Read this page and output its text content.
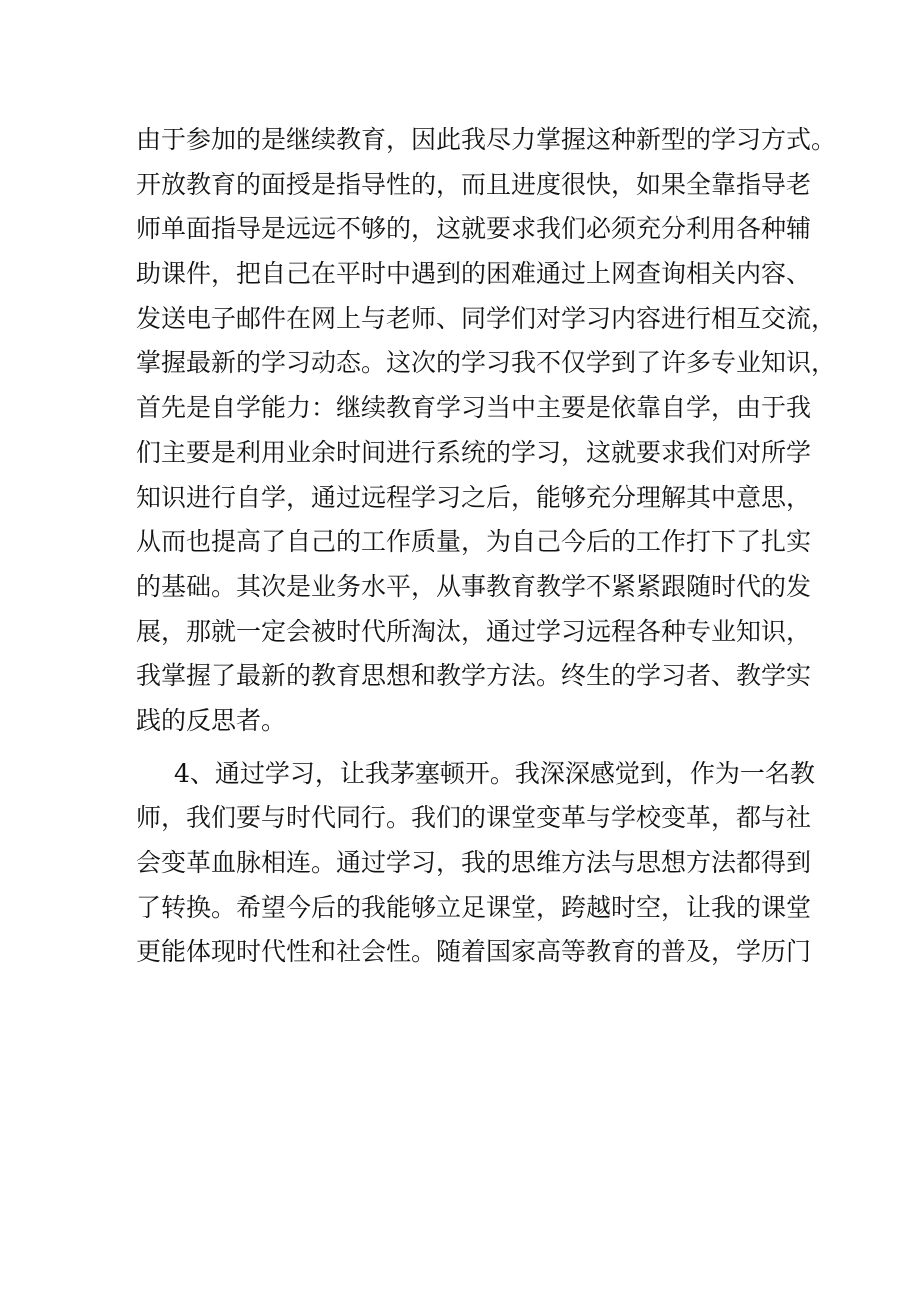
由于参加的是继续教育，因此我尽力掌握这种新型的学习方式。
开放教育的面授是指导性的，而且进度很快，如果全靠指导老
师单面指导是远远不够的，这就要求我们必须充分利用各种辅
助课件，把自己在平时中遇到的困难通过上网查询相关内容、
发送电子邮件在网上与老师、同学们对学习内容进行相互交流，
掌握最新的学习动态。这次的学习我不仅学到了许多专业知识，
首先是自学能力：继续教育学习当中主要是依靠自学，由于我
们主要是利用业余时间进行系统的学习，这就要求我们对所学
知识进行自学，通过远程学习之后，能够充分理解其中意思，
从而也提高了自己的工作质量，为自己今后的工作打下了扎实
的基础。其次是业务水平，从事教育教学不紧紧跟随时代的发
展，那就一定会被时代所淘汰，通过学习远程各种专业知识，
我掌握了最新的教育思想和教学方法。终生的学习者、教学实
践的反思者。
4、通过学习，让我茅塞顿开。我深深感觉到，作为一名教
师，我们要与时代同行。我们的课堂变革与学校变革，都与社
会变革血脉相连。通过学习，我的思维方法与思想方法都得到
了转换。希望今后的我能够立足课堂，跨越时空，让我的课堂
更能体现时代性和社会性。随着国家高等教育的普及，学历门
